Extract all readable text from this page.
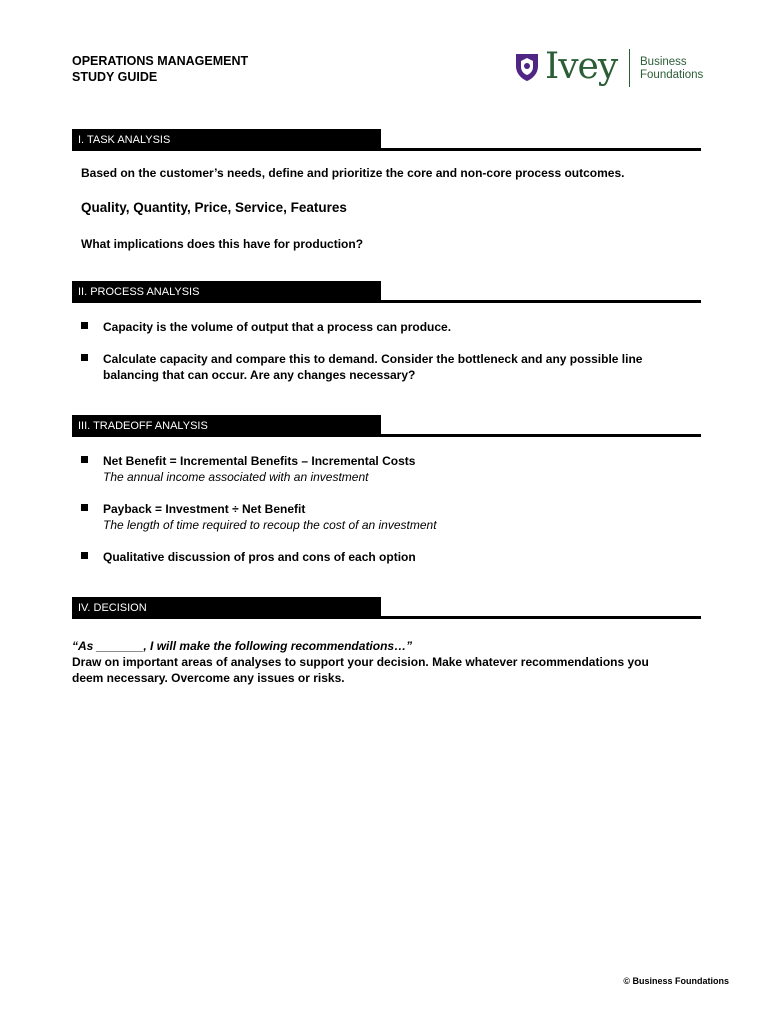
OPERATIONS MANAGEMENT
STUDY GUIDE	Ivey Business
Foundations
I. TASK ANALYSIS
Based on the customer’s needs, define and prioritize the core and non-core process outcomes.
Quality, Quantity, Price, Service, Features
What implications does this have for production?
II. PROCESS ANALYSIS
Capacity is the volume of output that a process can produce.
Calculate capacity and compare this to demand. Consider the bottleneck and any possible line
balancing that can occur. Are any changes necessary?
III. TRADEOFF ANALYSIS
Net Benefit = Incremental Benefits – Incremental Costs
The annual income associated with an investment
Payback = Investment ÷ Net Benefit
The length of time required to recoup the cost of an investment
Qualitative discussion of pros and cons of each option
IV. DECISION
“As _______, I will make the following recommendations…”
Draw on important areas of analyses to support your decision. Make whatever recommendations you
deem necessary. Overcome any issues or risks.
© Business Foundations
